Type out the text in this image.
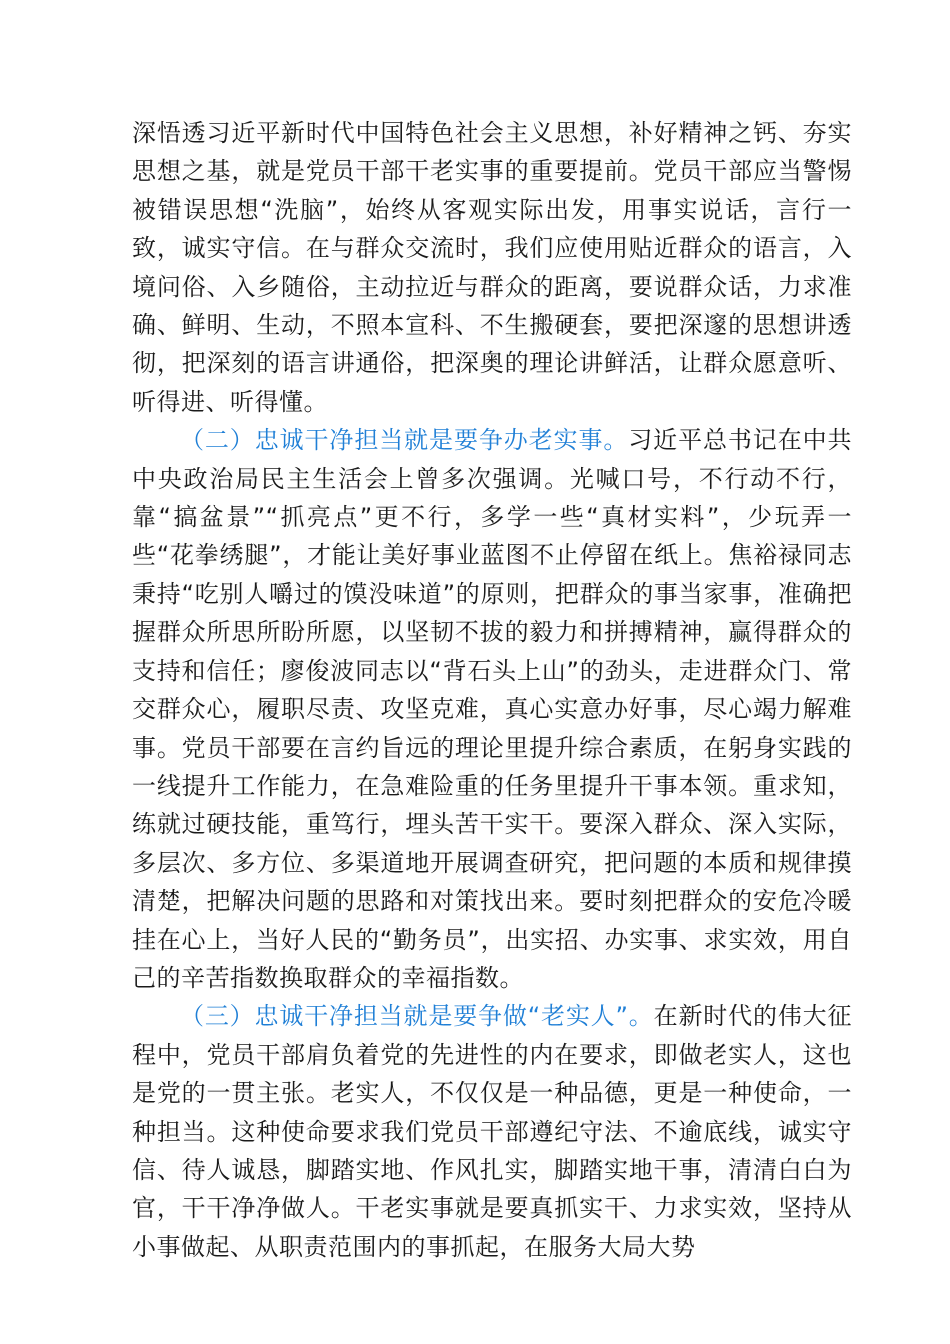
深悟透习近平新时代中国特色社会主义思想，补好精神之钙、夯实思想之基，就是党员干部干老实事的重要提前。党员干部应当警惕被错误思想“洗脑”，始终从客观实际出发，用事实说话，言行一致，诚实守信。在与群众交流时，我们应使用贴近群众的语言，入境问俗、入乡随俗，主动拉近与群众的距离，要说群众话，力求准确、鲜明、生动，不照本宣科、不生搬硬套，要把深邃的思想讲透彻，把深刻的语言讲通俗，把深奥的理论讲鲜活，让群众愿意听、听得进、听得懂。

（二）忠诚干净担当就是要争办老实事。习近平总书记在中共中央政治局民主生活会上曾多次强调。光喊口号，不行动不行，靠“搞盆景”“抓亮点”更不行，多学一些“真材实料”，少玩弄一些“花拳绣腿”，才能让美好事业蓝图不止停留在纸上。焦裕禄同志秉持“吃别人嚼过的馍没味道”的原则，把群众的事当家事，准确把握群众所思所盼所愿，以坚韧不拔的毅力和拼搏精神，赢得群众的支持和信任；廖俊波同志以“背石头上山”的劲头，走进群众门、常交群众心，履职尽责、攻坚克难，真心实意办好事，尽心竭力解难事。党员干部要在言约旨远的理论里提升综合素质，在躬身实践的一线提升工作能力，在急难险重的任务里提升干事本领。重求知，练就过硬技能，重笃行，埋头苦干实干。要深入群众、深入实际，多层次、多方位、多渠道地开展调查研究，把问题的本质和规律摸清楚，把解决问题的思路和对策找出来。要时刻把群众的安危冷暖挂在心上，当好人民的“勤务员”，出实招、办实事、求实效，用自己的辛苦指数换取群众的幸福指数。

（三）忠诚干净担当就是要争做“老实人”。在新时代的伟大征程中，党员干部肩负着党的先进性的内在要求，即做老实人，这也是党的一贯主张。老实人，不仅仅是一种品德，更是一种使命，一种担当。这种使命要求我们党员干部遵纪守法、不逾底线，诚实守信、待人诚恳，脚踏实地、作风扎实，脚踏实地干事，清清白白为官，干干净净做人。干老实事就是要真抓实干、力求实效，坚持从小事做起、从职责范围内的事抓起，在服务大局大势
